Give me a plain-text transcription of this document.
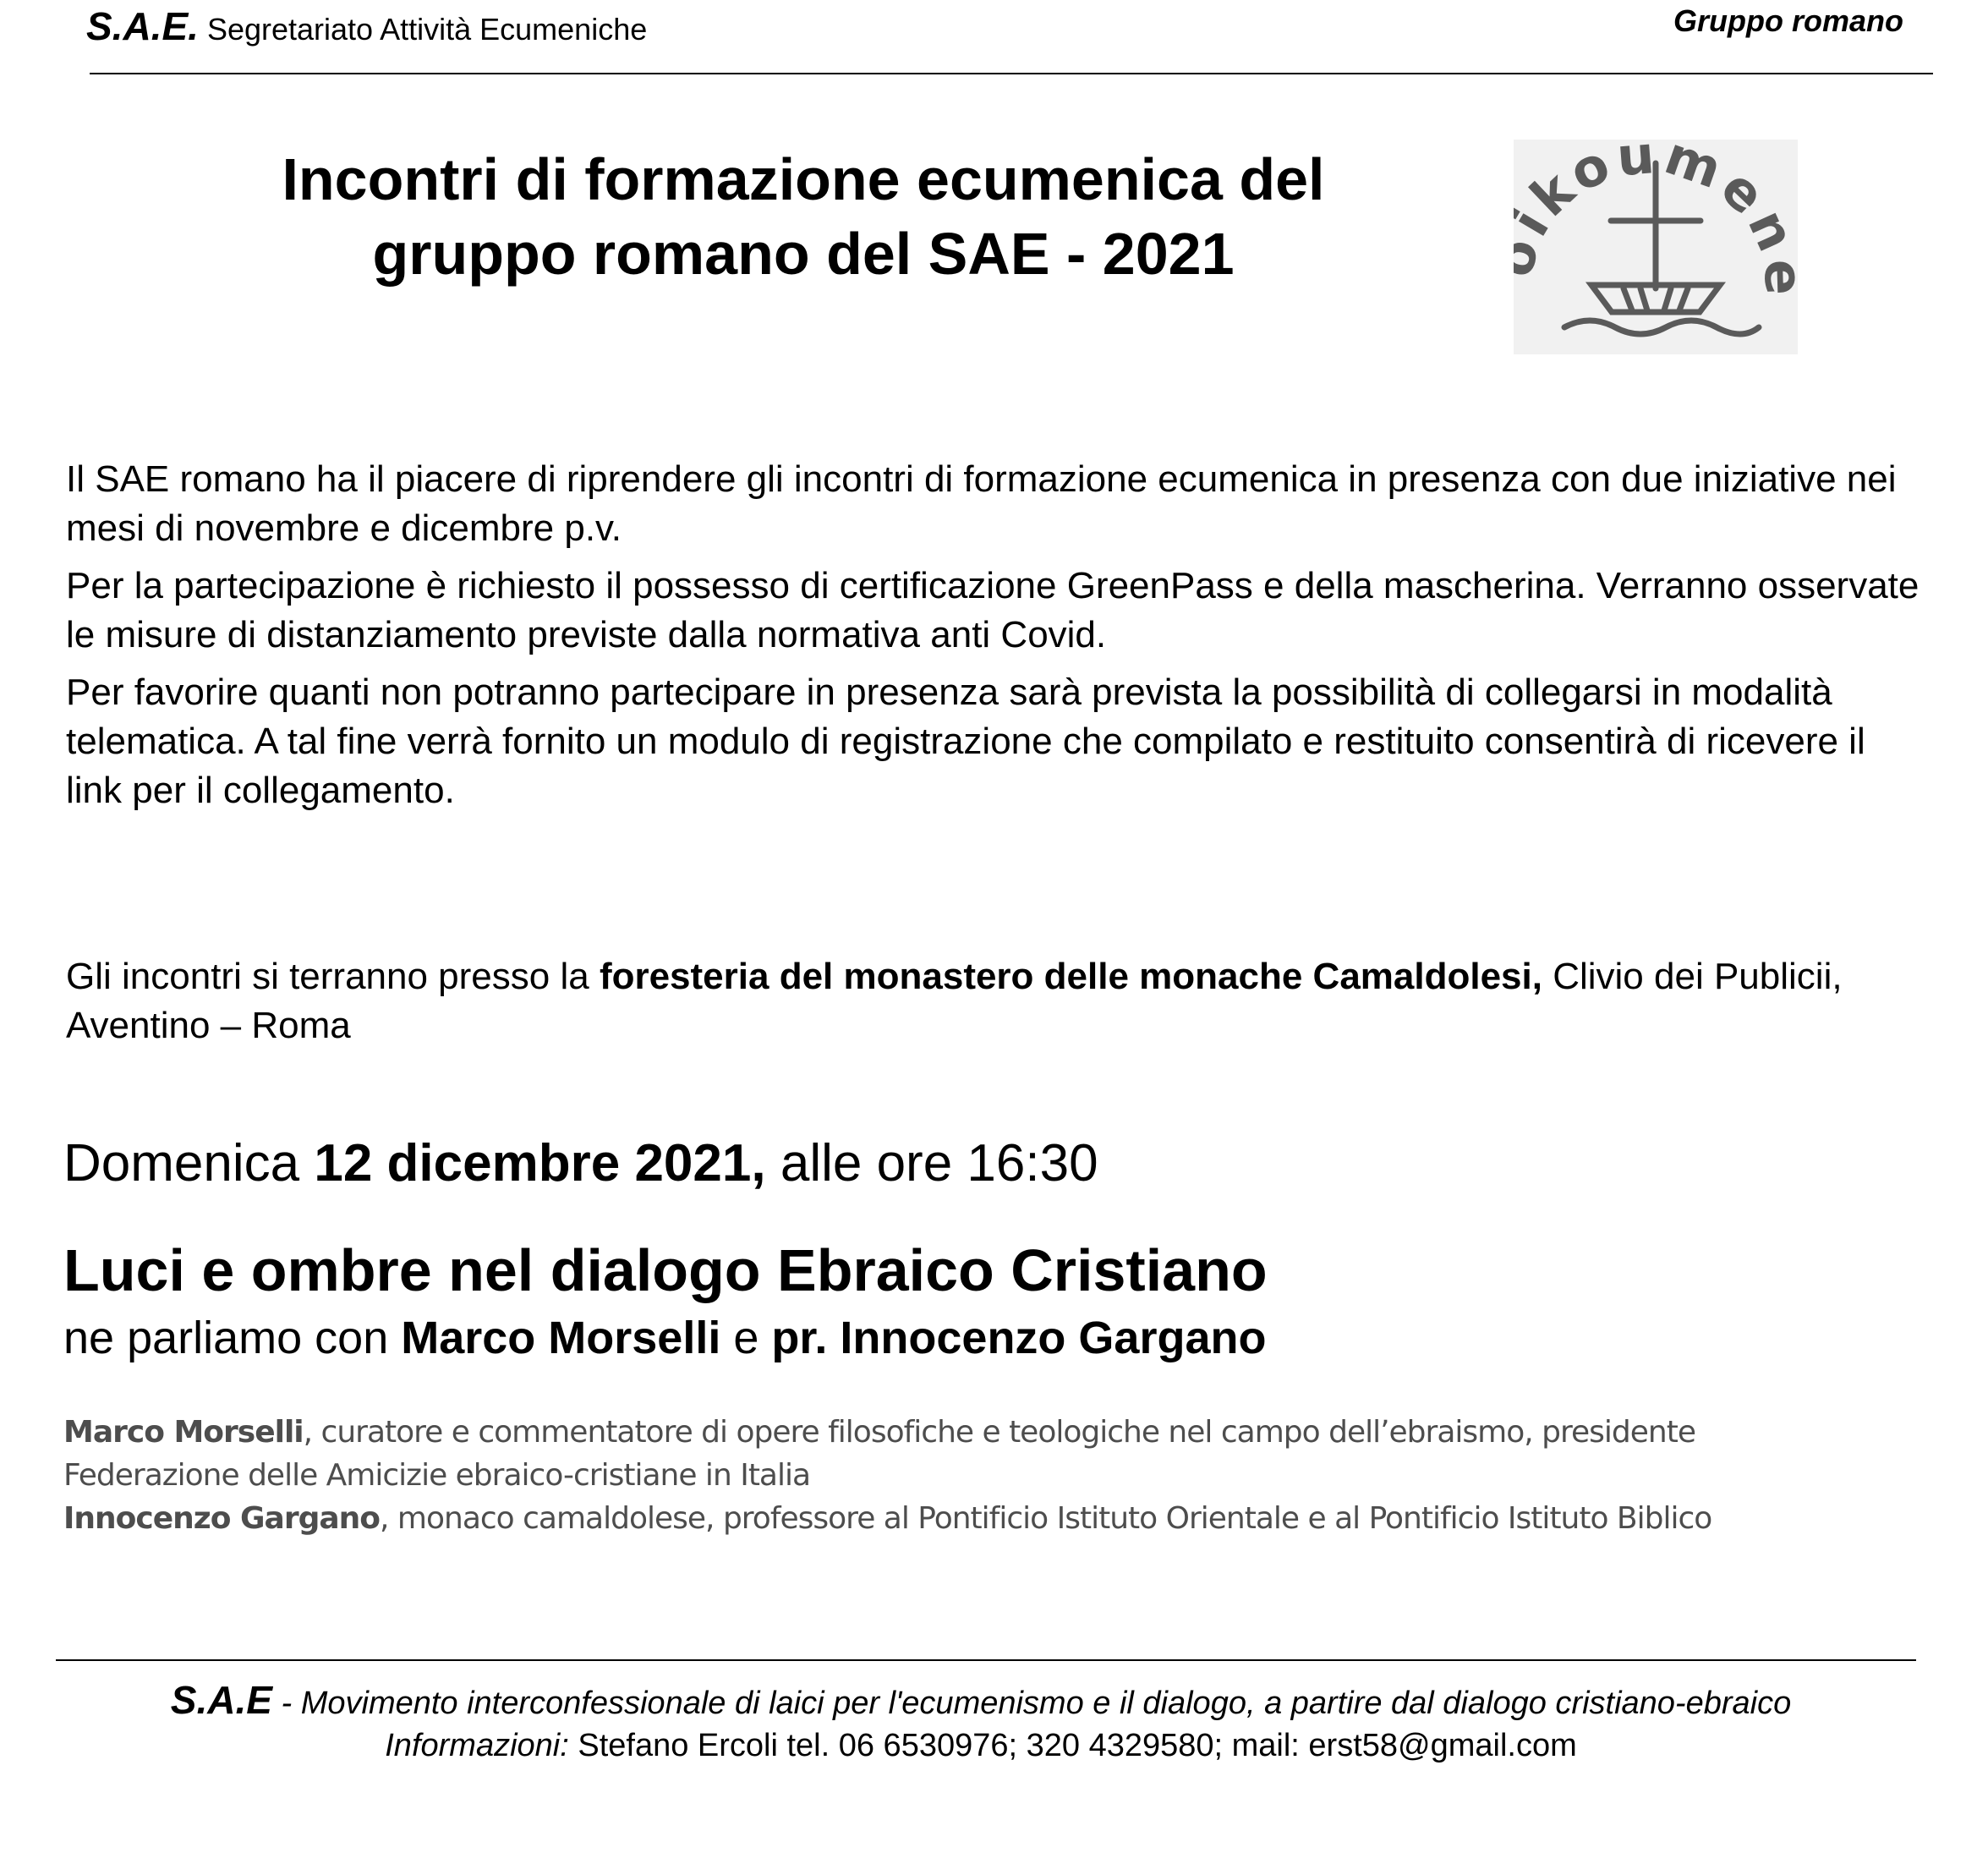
S.A.E. Segretariato Attività Ecumeniche	Gruppo romano
Incontri di formazione ecumenica del
gruppo romano del SAE - 2021
koume

Il SAE romano ha il piacere di riprendere gli incontri di formazione ecumenica in presenza con due iniziative nei mesi di novembre e dicembre p.v.

Per la partecipazione è richiesto il possesso di certificazione GreenPass e della mascherina. Verranno osservate le misure di distanziamento previste dalla normativa anti Covid.

Per favorire quanti non potranno partecipare in presenza sarà prevista la possibilità di collegarsi in modalità telematica. A tal fine verrà fornito un modulo di registrazione che compilato e restituito consentirà di ricevere il link per il collegamento.

Gli incontri si terranno presso la foresteria del monastero delle monache Camaldolesi, Clivio dei Publicii, Aventino – Roma
Domenica 12 dicembre 2021, alle ore 16:30
Luci e ombre nel dialogo Ebraico Cristiano
ne parliamo con Marco Morselli e pr. Innocenzo Gargano
Marco Morselli, curatore e commentatore di opere filosofiche e teologiche nel campo dell’ebraismo, presidente
Federazione delle Amicizie ebraico-cristiane in Italia
Innocenzo Gargano, monaco camaldolese, professore al Pontificio Istituto Orientale e al Pontificio Istituto Biblico
S.A.E - Movimento interconfessionale di laici per l'ecumenismo e il dialogo, a partire dal dialogo cristiano-ebraico
Informazioni: Stefano Ercoli tel. 06 6530976; 320 4329580; mail: erst58@gmail.com
